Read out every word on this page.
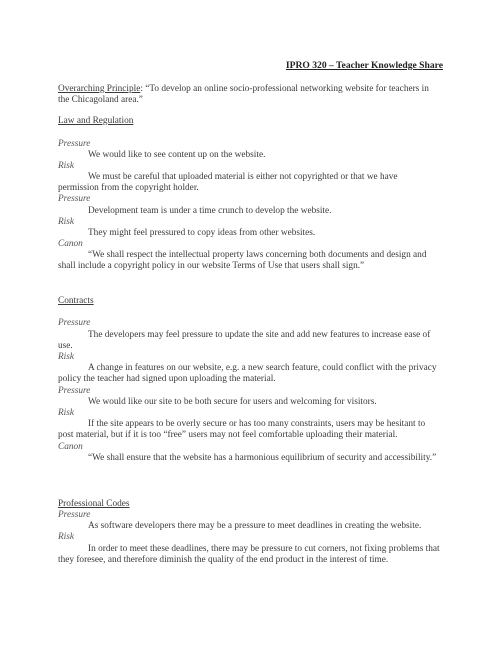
IPRO 320 – Teacher Knowledge Share

Overarching Principle: “To develop an online socio-professional networking website for teachers in the Chicagoland area.”

Law and Regulation
Pressure

We would like to see content up on the website.

Risk

We must be careful that uploaded material is either not copyrighted or that we have permission from the copyright holder.

Pressure

Development team is under a time crunch to develop the website.

Risk

They might feel pressured to copy ideas from other websites.

Canon

“We shall respect the intellectual property laws concerning both documents and design and shall include a copyright policy in our website Terms of Use that users shall sign.”

Contracts
Pressure

The developers may feel pressure to update the site and add new features to increase ease of use.

Risk

A change in features on our website, e.g. a new search feature, could conflict with the privacy policy the teacher had signed upon uploading the material.

Pressure

We would like our site to be both secure for users and welcoming for visitors.

Risk

If the site appears to be overly secure or has too many constraints, users may be hesitant to post material, but if it is too “free” users may not feel comfortable uploading their material.

Canon

“We shall ensure that the website has a harmonious equilibrium of security and accessibility.”

Professional Codes
Pressure

As software developers there may be a pressure to meet deadlines in creating the website.

Risk

In order to meet these deadlines, there may be pressure to cut corners, not fixing problems that they foresee, and therefore diminish the quality of the end product in the interest of time.
